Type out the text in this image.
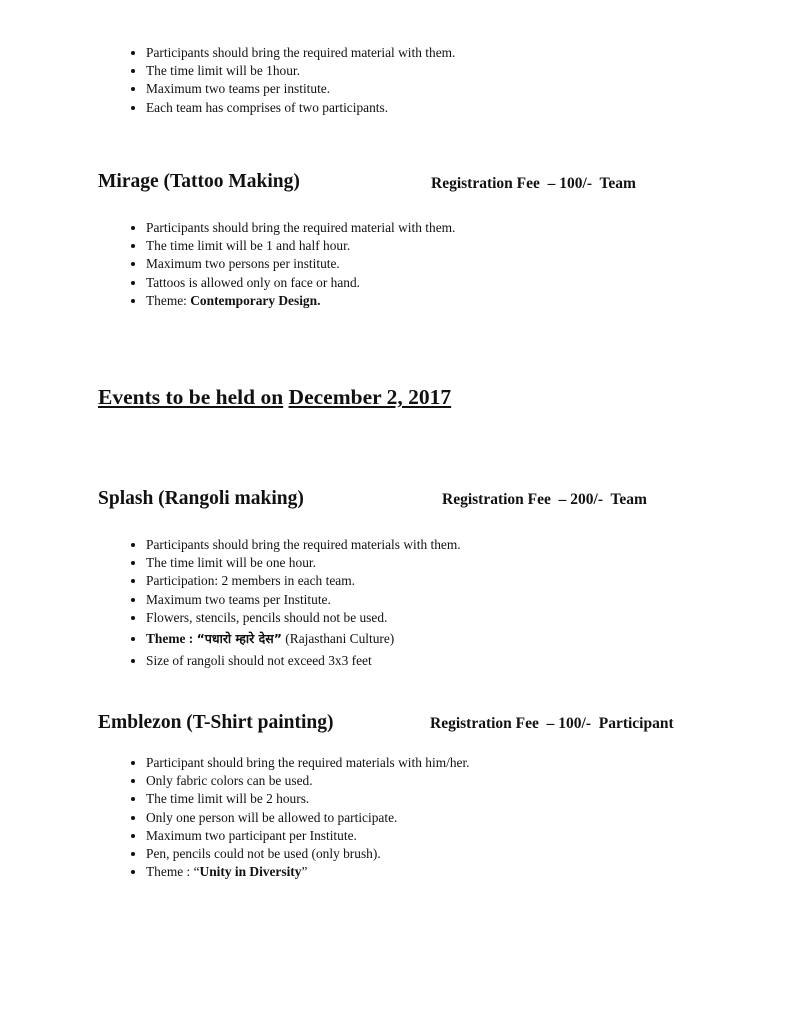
• Participants should bring the required material with them.
• The time limit will be 1hour.
• Maximum two teams per institute.
• Each team has comprises of two participants.
Mirage (Tattoo Making)	Registration Fee  – 100/-  Team
• Participants should bring the required material with them.
• The time limit will be 1 and half hour.
• Maximum two persons per institute.
• Tattoos is allowed only on face or hand.
• Theme: Contemporary Design.
Events to be held on December 2, 2017
Splash (Rangoli making)	Registration Fee  – 200/-  Team
• Participants should bring the required materials with them.
• The time limit will be one hour.
• Participation: 2 members in each team.
• Maximum two teams per Institute.
• Flowers, stencils, pencils should not be used.
• Theme : “पधारो म्हारे देस” (Rajasthani Culture)
• Size of rangoli should not exceed 3x3 feet
Emblezon (T-Shirt painting)	Registration Fee  – 100/-  Participant
• Participant should bring the required materials with him/her.
• Only fabric colors can be used.
• The time limit will be 2 hours.
• Only one person will be allowed to participate.
• Maximum two participant per Institute.
• Pen, pencils could not be used (only brush).
• Theme : “Unity in Diversity”
